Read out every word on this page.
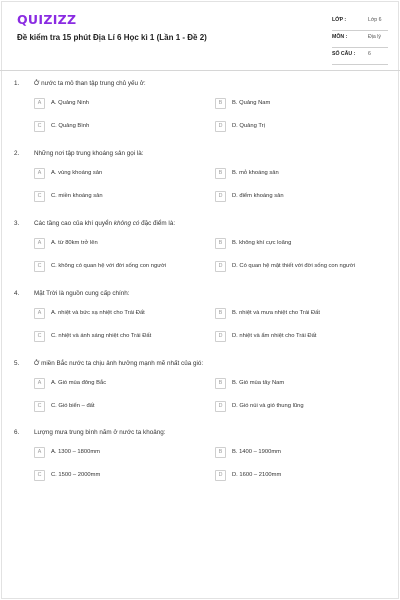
QUIZIZZ
Đề kiểm tra 15 phút Địa Lí 6 Học kì 1 (Lần 1 - Đề 2)
LỚP :	Lớp 6
MÔN :	Địa lý
SỐ CÂU : 6
1. Ở nước ta mỏ than tập trung chủ yếu ở:
A	A. Quảng Ninh	B	B. Quảng Nam
C	C. Quảng Bình	D	D. Quảng Trị
2. Những nơi tập trung khoáng sản gọi là:
A	A. vùng khoáng sản	B	B. mỏ khoáng sản
C	C. miền khoáng sản	D	D. điểm khoáng sản
3. Các tầng cao của khí quyển không có đặc điểm là:
A	A. từ 80km trở lên	B	B. không khí cực loãng
C	C. không có quan hệ với đời sống con người	D	D. Có quan hệ mật thiết với đời sống con người
4. Mặt Trời là nguồn cung cấp chính:
A	A. nhiệt và bức xạ nhiệt cho Trái Đất	B	B. nhiệt và mưa nhiệt cho Trái Đất
C	C. nhiệt và ánh sáng nhiệt cho Trái Đất	D	D. nhiệt và ẩm nhiệt cho Trái Đất
5. Ở miền Bắc nước ta chịu ảnh hưởng mạnh mẽ nhất của gió:
A	A. Gió mùa đông Bắc	B	B. Gió mùa tây Nam
C	C. Gió biển – đất	D	D. Gió núi và gió thung lũng
6. Lượng mưa trung bình năm ở nước ta khoảng:
A	A. 1300 – 1800mm	B	B. 1400 – 1900mm
C	C. 1500 – 2000mm	D	D. 1600 – 2100mm
